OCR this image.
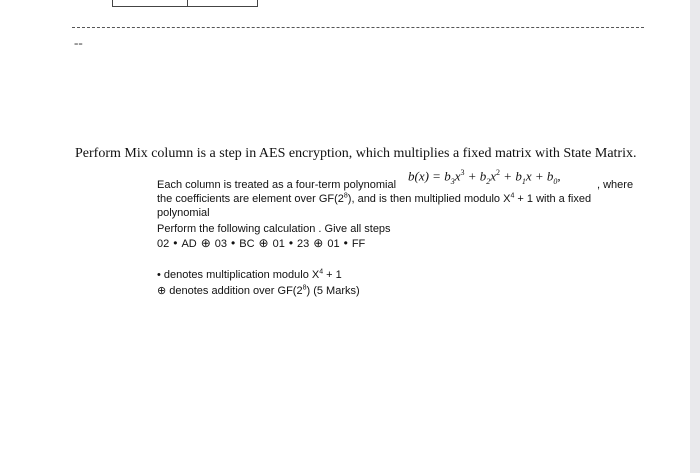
--
Perform Mix column is a step in AES encryption, which multiplies a fixed matrix with State Matrix.
$b(x) = b_3x^3 + b_2x^2 + b_1x + b_0$,
Each column is treated as a four-term polynomial	, where
the coefficients are element over $GF(2^8)$, and is then multiplied modulo $X^4 + 1$ with a fixed
polynomial
Perform the following calculation . Give all steps
02 • AD ⊕ 03 • BC ⊕ 01 • 23 ⊕ 01 • FF
• denotes multiplication modulo $X^4 + 1$
⊕ denotes addition over $GF(2^8)$ (5 Marks)
